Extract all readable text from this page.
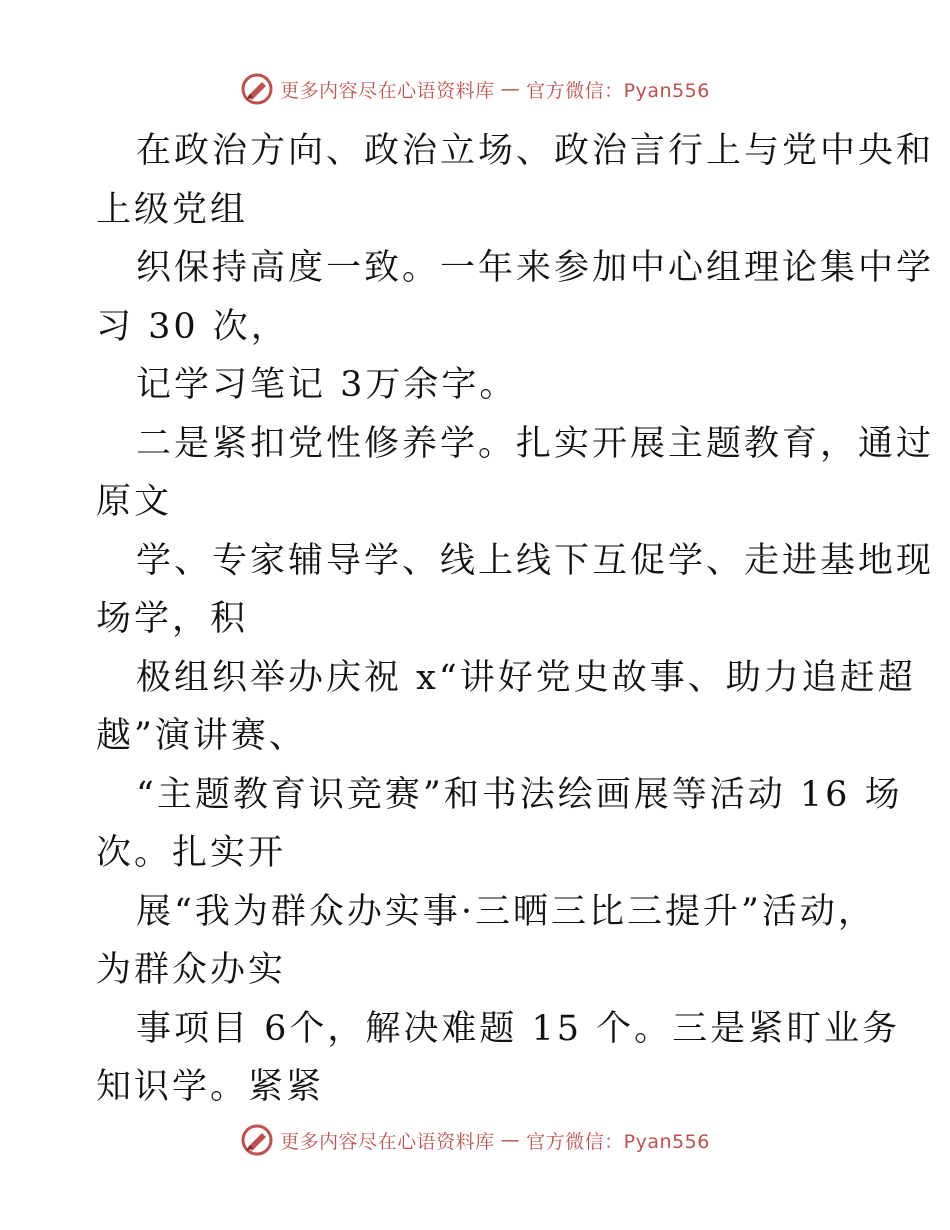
更多内容尽在心语资料库 — 官方微信：Pyan556
在政治方向、政治立场、政治言行上与党中央和
上级党组
织保持高度一致。一年来参加中心组理论集中学
习 30 次，
记学习笔记 3万余字。
二是紧扣党性修养学。扎实开展主题教育，通过
原文
学、专家辅导学、线上线下互促学、走进基地现
场学，积
极组织举办庆祝 x“讲好党史故事、助力追赶超
越”演讲赛、
“主题教育识竞赛”和书法绘画展等活动 16 场
次。扎实开
展“我为群众办实事·三晒三比三提升”活动，
为群众办实
事项目 6个，解决难题 15 个。三是紧盯业务
知识学。紧紧
更多内容尽在心语资料库 — 官方微信：Pyan556
